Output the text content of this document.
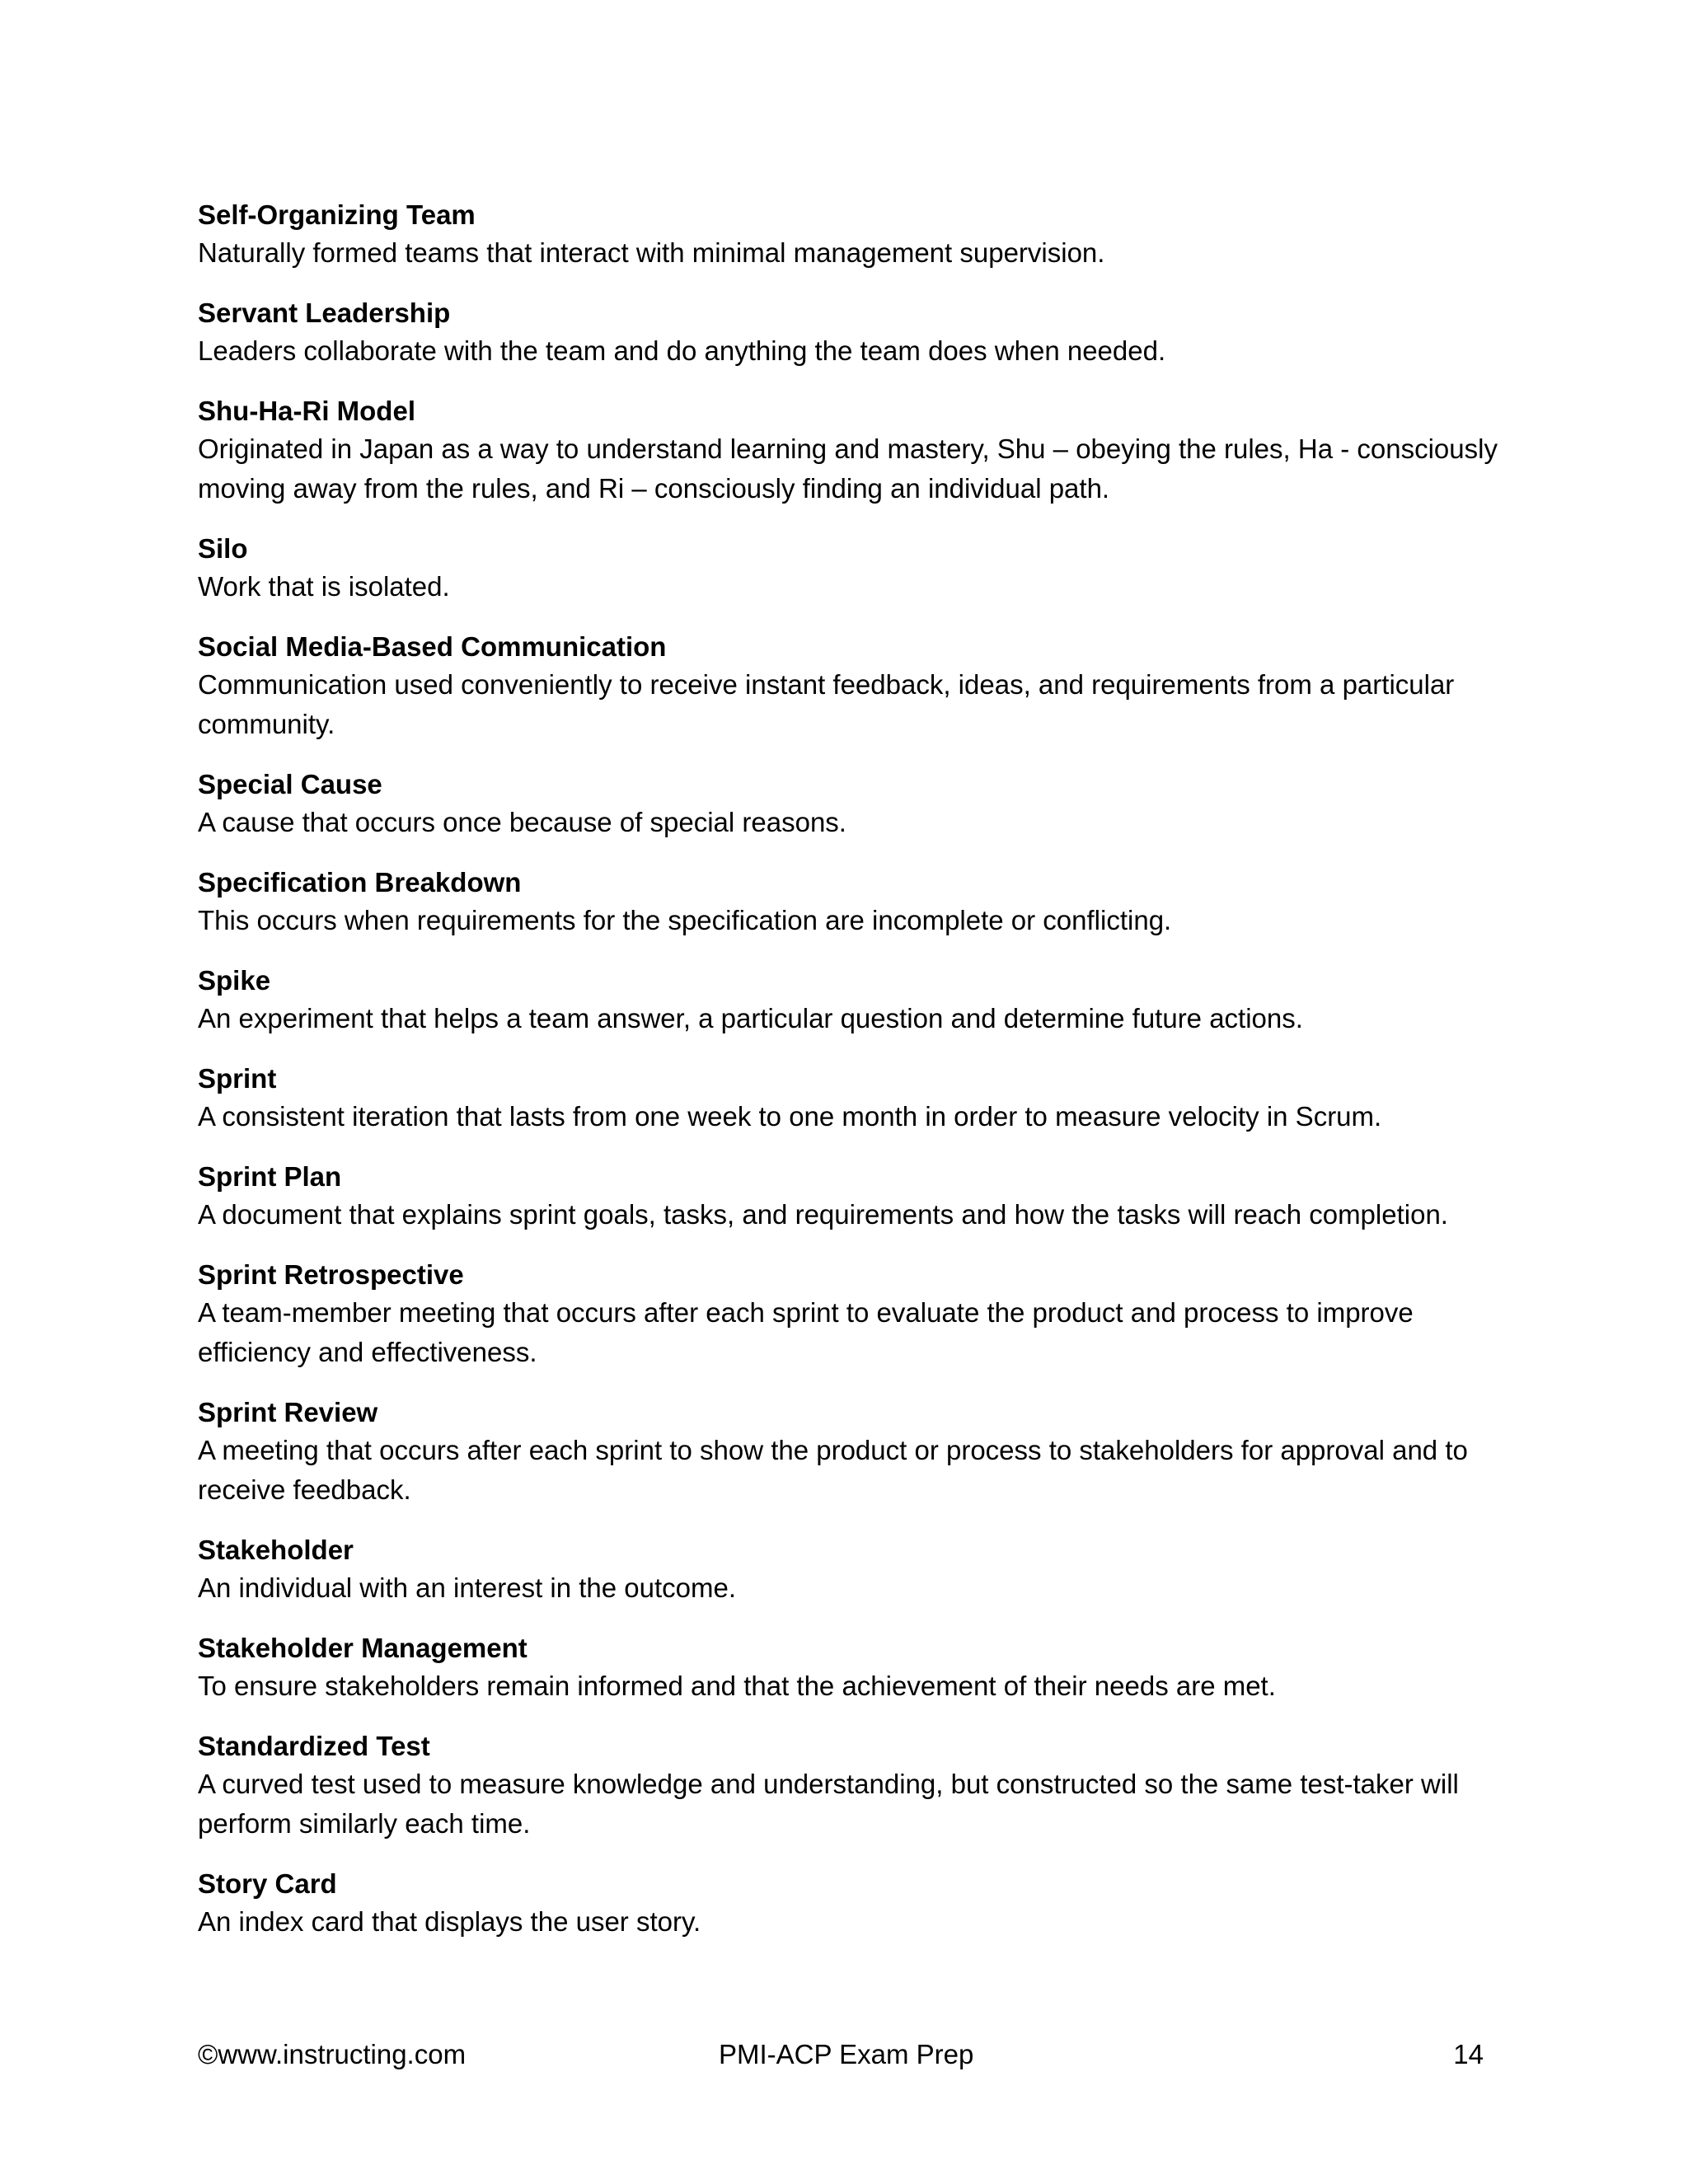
Self-Organizing Team
Naturally formed teams that interact with minimal management supervision.
Servant Leadership
Leaders collaborate with the team and do anything the team does when needed.
Shu-Ha-Ri Model
Originated in Japan as a way to understand learning and mastery, Shu – obeying the rules, Ha - consciously moving away from the rules, and Ri – consciously finding an individual path.
Silo
Work that is isolated.
Social Media-Based Communication
Communication used conveniently to receive instant feedback, ideas, and requirements from a particular community.
Special Cause
A cause that occurs once because of special reasons.
Specification Breakdown
This occurs when requirements for the specification are incomplete or conflicting.
Spike
An experiment that helps a team answer, a particular question and determine future actions.
Sprint
A consistent iteration that lasts from one week to one month in order to measure velocity in Scrum.
Sprint Plan
A document that explains sprint goals, tasks, and requirements and how the tasks will reach completion.
Sprint Retrospective
A team-member meeting that occurs after each sprint to evaluate the product and process to improve efficiency and effectiveness.
Sprint Review
A meeting that occurs after each sprint to show the product or process to stakeholders for approval and to receive feedback.
Stakeholder
An individual with an interest in the outcome.
Stakeholder Management
To ensure stakeholders remain informed and that the achievement of their needs are met.
Standardized Test
A curved test used to measure knowledge and understanding, but constructed so the same test-taker will perform similarly each time.
Story Card
An index card that displays the user story.
©www.instructing.com	PMI-ACP Exam Prep	14
